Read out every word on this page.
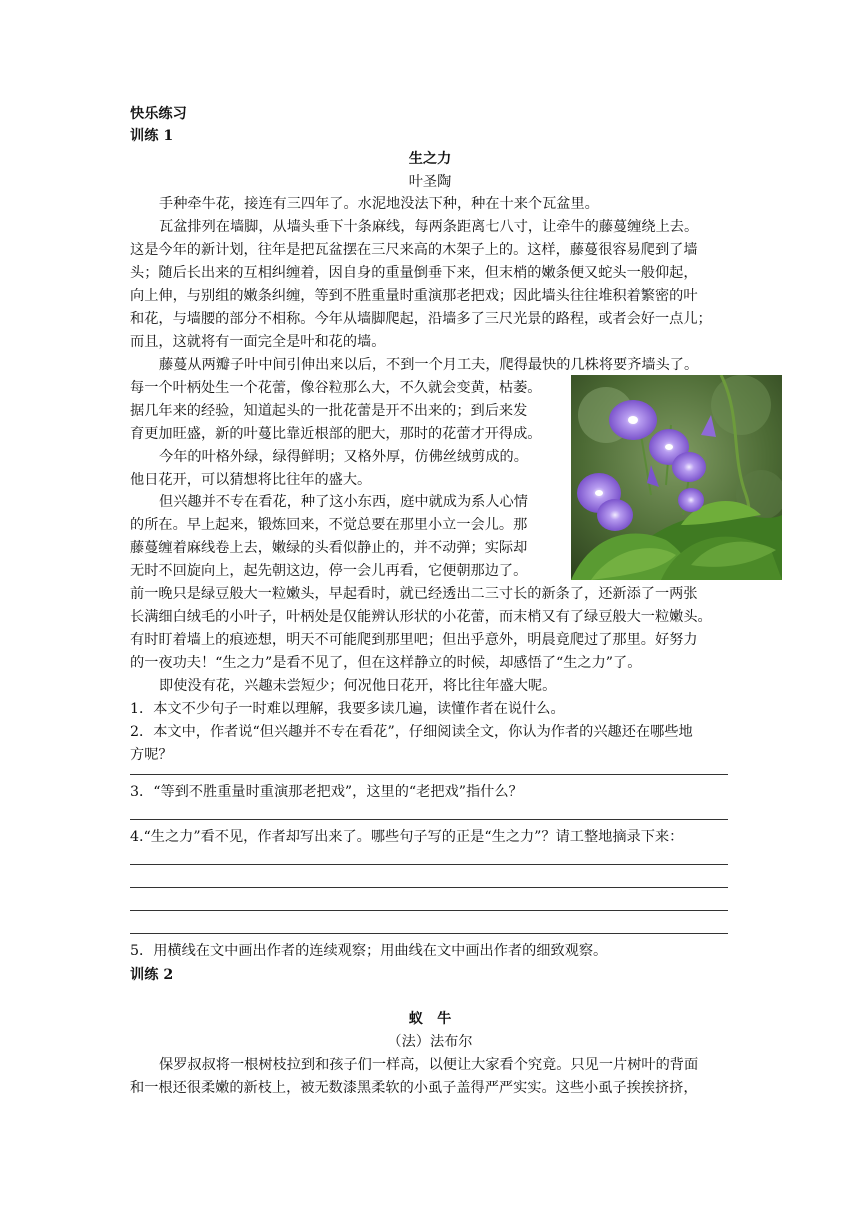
快乐练习
训练 1
生之力
叶圣陶
手种牵牛花，接连有三四年了。水泥地没法下种，种在十来个瓦盆里。
瓦盆排列在墙脚，从墙头垂下十条麻线，每两条距离七八寸，让牵牛的藤蔓缠绕上去。
这是今年的新计划，往年是把瓦盆摆在三尺来高的木架子上的。这样，藤蔓很容易爬到了墙
头；随后长出来的互相纠缠着，因自身的重量倒垂下来，但末梢的嫩条便又蛇头一般仰起，
向上伸，与别组的嫩条纠缠，等到不胜重量时重演那老把戏；因此墙头往往堆积着繁密的叶
和花，与墙腰的部分不相称。今年从墙脚爬起，沿墙多了三尺光景的路程，或者会好一点儿；
而且，这就将有一面完全是叶和花的墙。
藤蔓从两瓣子叶中间引伸出来以后，不到一个月工夫，爬得最快的几株将要齐墙头了。
每一个叶柄处生一个花蕾，像谷粒那么大，不久就会变黄，枯萎。
据几年来的经验，知道起头的一批花蕾是开不出来的；到后来发
育更加旺盛，新的叶蔓比靠近根部的肥大，那时的花蕾才开得成。
今年的叶格外绿，绿得鲜明；又格外厚，仿佛丝绒剪成的。
他日花开，可以猜想将比往年的盛大。
但兴趣并不专在看花，种了这小东西，庭中就成为系人心情
的所在。早上起来，锻炼回来，不觉总要在那里小立一会儿。那
藤蔓缠着麻线卷上去，嫩绿的头看似静止的，并不动弹；实际却
无时不回旋向上，起先朝这边，停一会儿再看，它便朝那边了。
前一晚只是绿豆般大一粒嫩头，早起看时，就已经透出二三寸长的新条了，还新添了一两张
长满细白绒毛的小叶子，叶柄处是仅能辨认形状的小花蕾，而末梢又有了绿豆般大一粒嫩头。
有时盯着墙上的痕迹想，明天不可能爬到那里吧；但出乎意外，明晨竟爬过了那里。好努力
的一夜功夫！“生之力”是看不见了，但在这样静立的时候，却感悟了“生之力”了。
即使没有花，兴趣未尝短少；何况他日花开，将比往年盛大呢。
1．本文不少句子一时难以理解，我要多读几遍，读懂作者在说什么。
2．本文中，作者说“但兴趣并不专在看花”，仔细阅读全文，你认为作者的兴趣还在哪些地
方呢？
3．“等到不胜重量时重演那老把戏”，这里的“老把戏”指什么？
4.“生之力”看不见，作者却写出来了。哪些句子写的正是“生之力”？请工整地摘录下来：
5．用横线在文中画出作者的连续观察；用曲线在文中画出作者的细致观察。
训练 2
蚁　牛
（法）法布尔
保罗叔叔将一根树枝拉到和孩子们一样高，以便让大家看个究竟。只见一片树叶的背面
和一根还很柔嫩的新枝上，被无数漆黑柔软的小虱子盖得严严实实。这些小虱子挨挨挤挤，
